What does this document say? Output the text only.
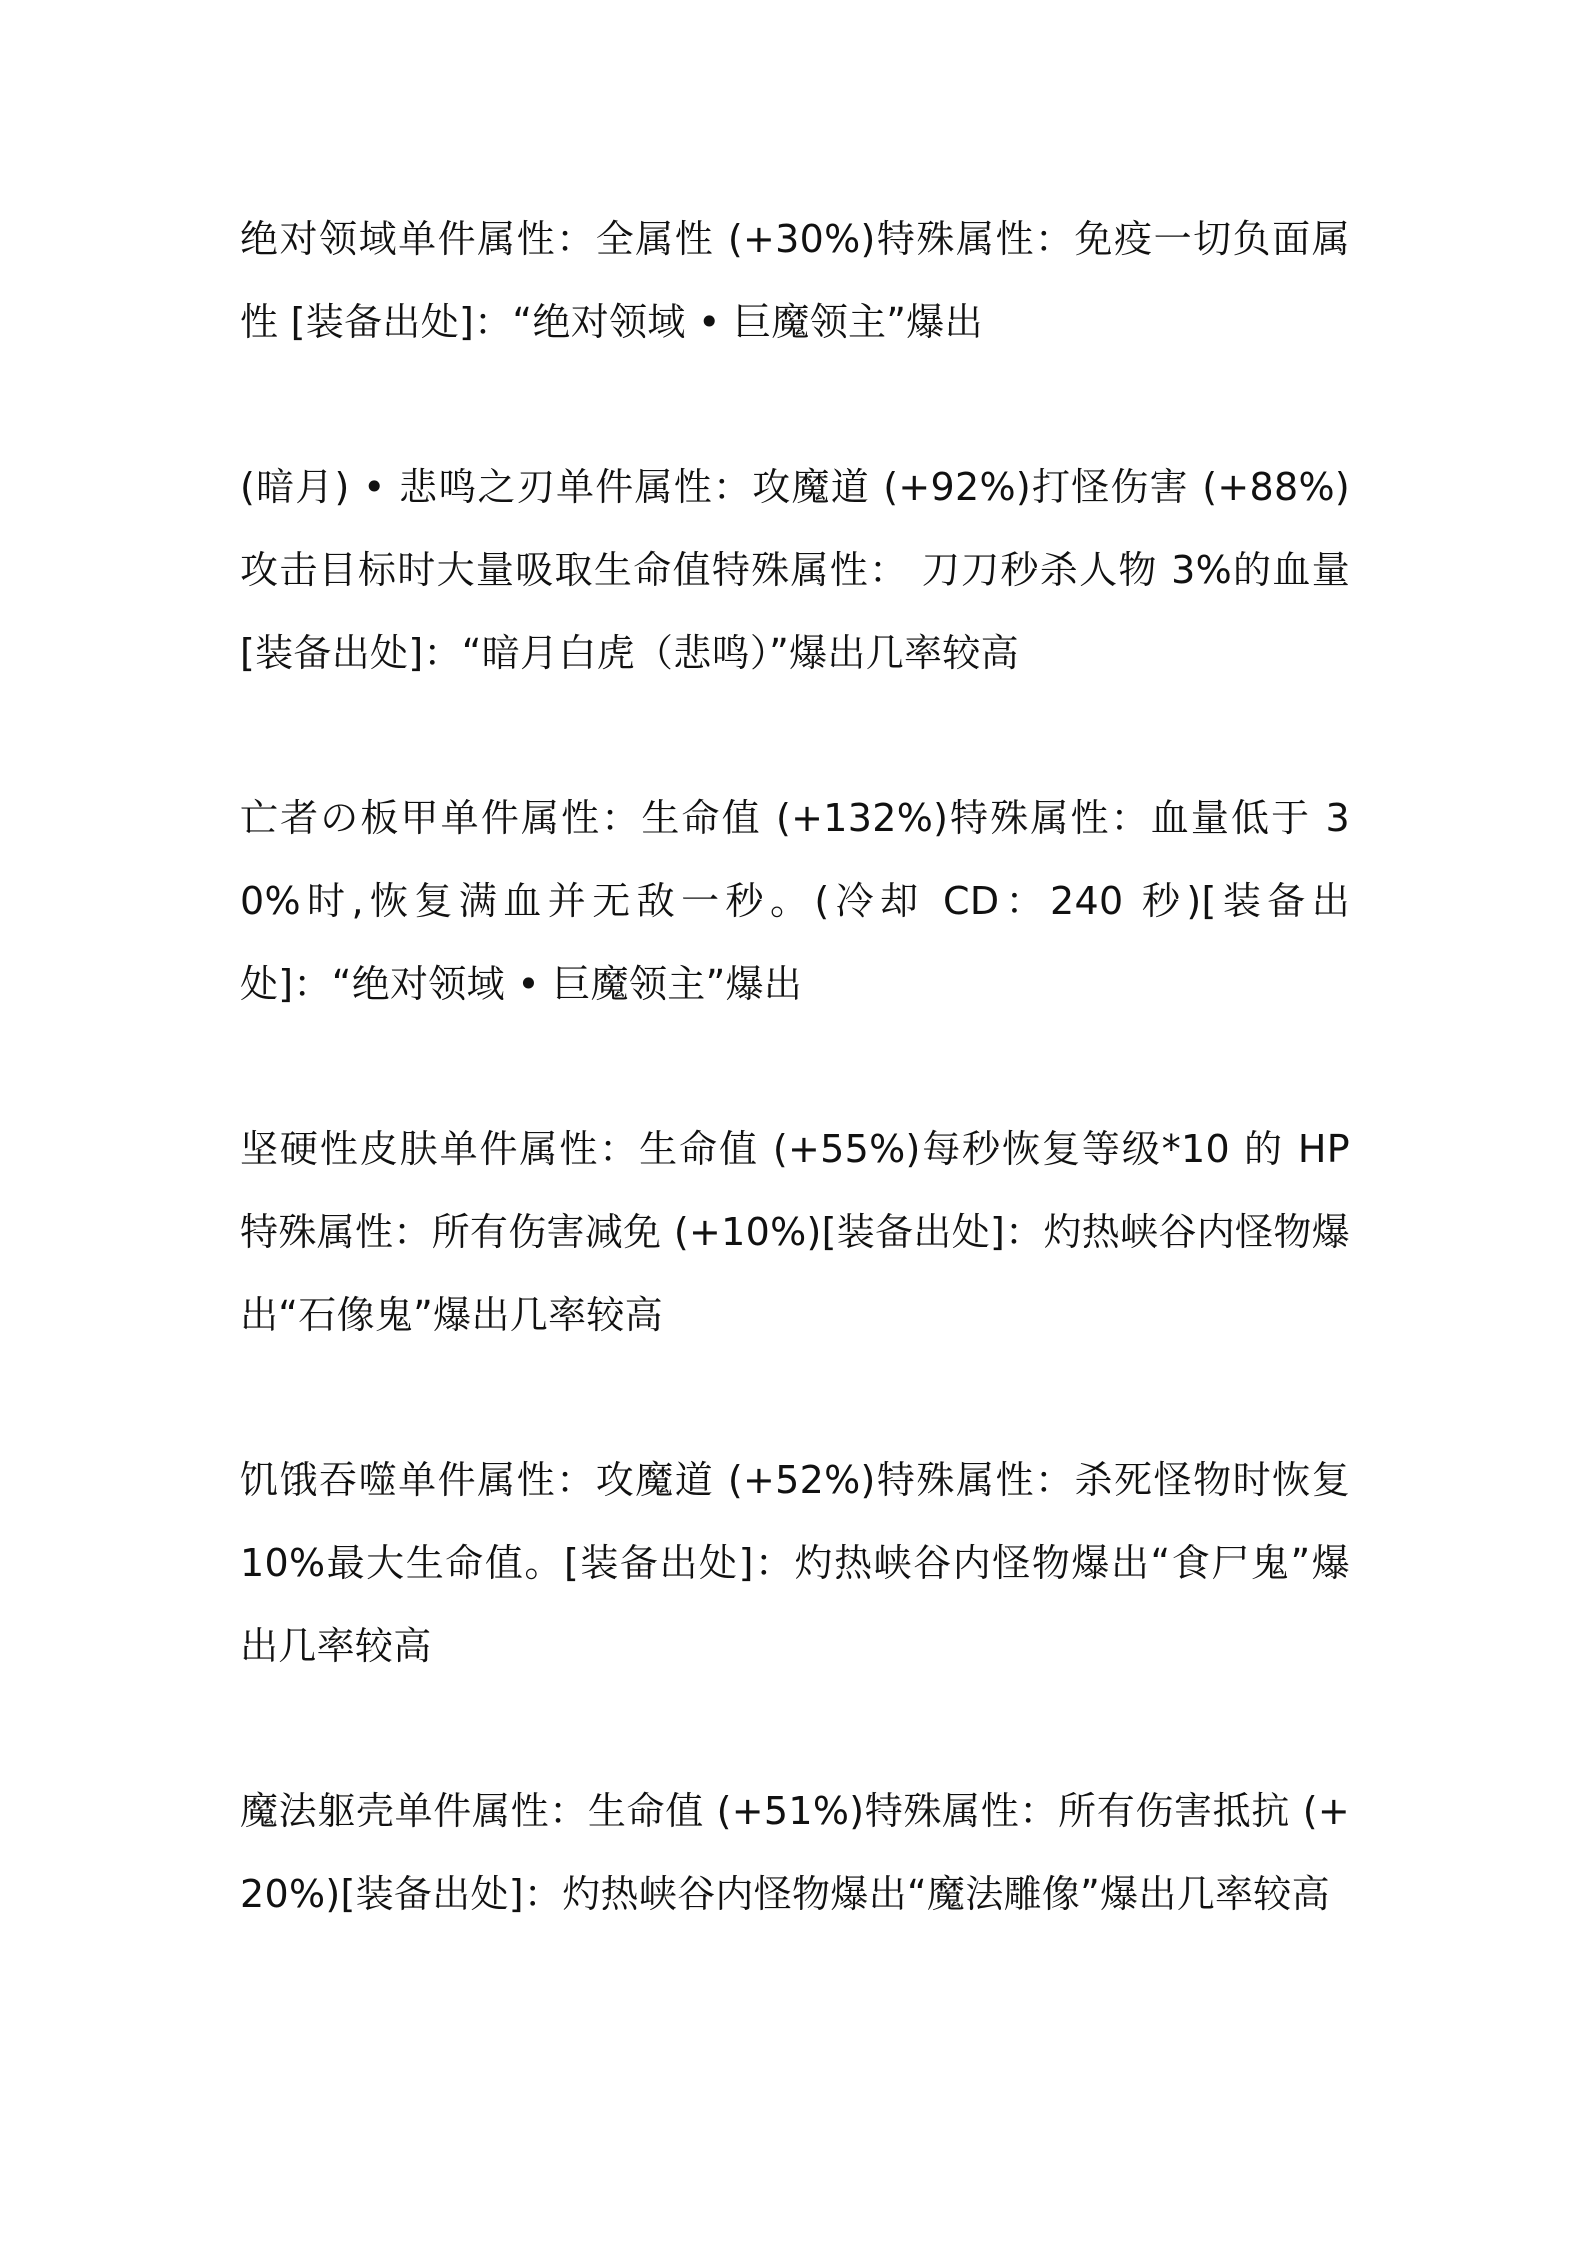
绝对领域单件属性：全属性 (+30%)特殊属性：免疫一切负面属性 [装备出处]：“绝对领域 • 巨魔领主”爆出

(暗月) • 悲鸣之刃单件属性：攻魔道 (+92%)打怪伤害 (+88%)攻击目标时大量吸取生命值特殊属性： 刀刀秒杀人物 3%的血量[装备出处]：“暗月白虎（悲鸣）”爆出几率较高

亡者の板甲单件属性：生命值 (+132%)特殊属性：血量低于 30%时,恢复满血并无敌一秒。(冷却 CD：240 秒)[装备出处]：“绝对领域 • 巨魔领主”爆出

坚硬性皮肤单件属性：生命值 (+55%)每秒恢复等级*10 的 HP 特殊属性：所有伤害减免 (+10%)[装备出处]：灼热峡谷内怪物爆出“石像鬼”爆出几率较高

饥饿吞噬单件属性：攻魔道 (+52%)特殊属性：杀死怪物时恢复 10%最大生命值。[装备出处]：灼热峡谷内怪物爆出“食尸鬼”爆出几率较高

魔法躯壳单件属性：生命值 (+51%)特殊属性：所有伤害抵抗 (+20%)[装备出处]：灼热峡谷内怪物爆出“魔法雕像”爆出几率较高
